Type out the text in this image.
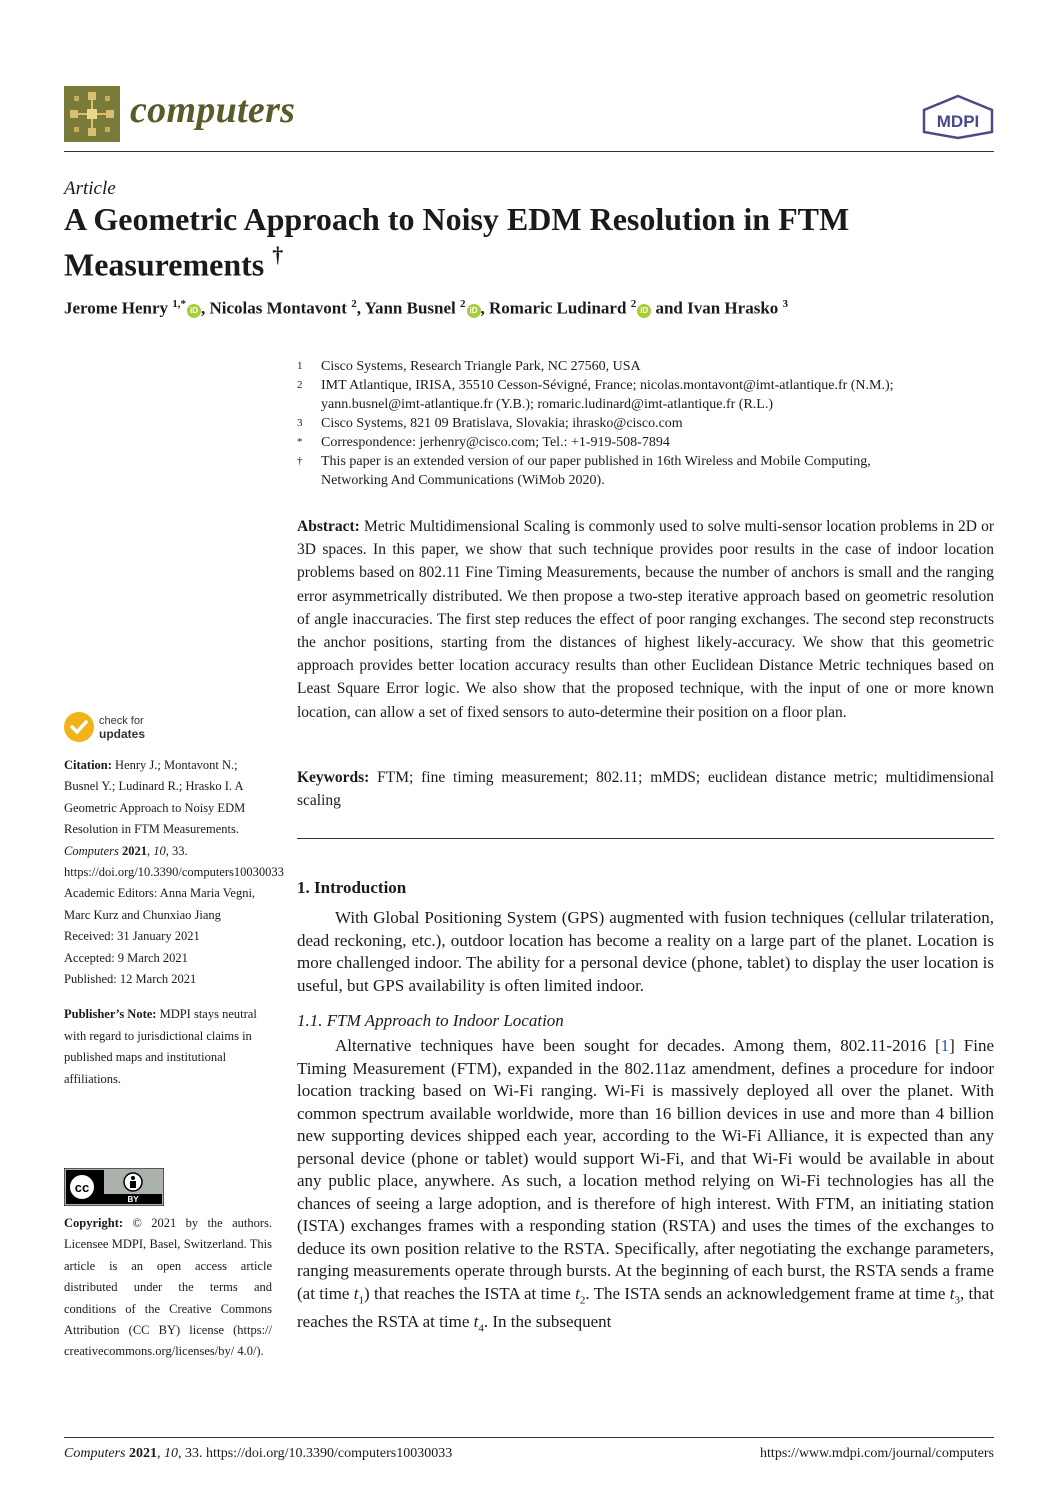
computers	MDPI
Article
A Geometric Approach to Noisy EDM Resolution in FTM Measurements †
Jerome Henry $^{1,*}$iD , Nicolas Montavont $^2$, Yann Busnel $^2$iD , Romaric Ludinard $^2$iD and Ivan Hrasko $^3$
1 Cisco Systems, Research Triangle Park, NC 27560, USA
2 IMT Atlantique, IRISA, 35510 Cesson-Sévigné, France; nicolas.montavont@imt-atlantique.fr (N.M.);
yann.busnel@imt-atlantique.fr (Y.B.); romaric.ludinard@imt-atlantique.fr (R.L.)
3 Cisco Systems, 821 09 Bratislava, Slovakia; ihrasko@cisco.com
* Correspondence: jerhenry@cisco.com; Tel.: +1-919-508-7894
† This paper is an extended version of our paper published in 16th Wireless and Mobile Computing,
Networking And Communications (WiMob 2020).
Abstract: Metric Multidimensional Scaling is commonly used to solve multi-sensor location problems in 2D or 3D spaces. In this paper, we show that such technique provides poor results in the case of indoor location problems based on 802.11 Fine Timing Measurements, because the number of anchors is small and the ranging error asymmetrically distributed. We then propose a two-step iterative approach based on geometric resolution of angle inaccuracies. The first step reduces the effect of poor ranging exchanges. The second step reconstructs the anchor positions, starting from the distances of highest likely-accuracy. We show that this geometric approach provides better location accuracy results than other Euclidean Distance Metric techniques based on Least Square Error logic. We also show that the proposed technique, with the input of one or more known location, can allow a set of fixed sensors to auto-determine their position on a floor plan.
Keywords: FTM; fine timing measurement; 802.11; mMDS; euclidean distance metric; multidimensional scaling
check for
updates

Citation: Henry J.; Montavont N.; Busnel Y.; Ludinard R.; Hrasko I. A Geometric Approach to Noisy EDM Resolution in FTM Measurements. Computers 2021, 10, 33. https://doi.org/10.3390/computers10030033

Academic Editors: Anna Maria Vegni, Marc Kurz and Chunxiao Jiang

Received: 31 January 2021

Accepted: 9 March 2021

Published: 12 March 2021

Publisher’s Note: MDPI stays neutral with regard to jurisdictional claims in published maps and institutional affiliations.

cc
BY
Copyright: © 2021 by the authors. Licensee MDPI, Basel, Switzerland. This article is an open access article distributed under the terms and conditions of the Creative Commons Attribution (CC BY) license (https:// creativecommons.org/licenses/by/ 4.0/).
1. Introduction

With Global Positioning System (GPS) augmented with fusion techniques (cellular trilateration, dead reckoning, etc.), outdoor location has become a reality on a large part of the planet. Location is more challenged indoor. The ability for a personal device (phone, tablet) to display the user location is useful, but GPS availability is often limited indoor.

1.1. FTM Approach to Indoor Location

Alternative techniques have been sought for decades. Among them, 802.11-2016 [1] Fine Timing Measurement (FTM), expanded in the 802.11az amendment, defines a procedure for indoor location tracking based on Wi-Fi ranging. Wi-Fi is massively deployed all over the planet. With common spectrum available worldwide, more than 16 billion devices in use and more than 4 billion new supporting devices shipped each year, according to the Wi-Fi Alliance, it is expected than any personal device (phone or tablet) would support Wi-Fi, and that Wi-Fi would be available in about any public place, anywhere. As such, a location method relying on Wi-Fi technologies has all the chances of seeing a large adoption, and is therefore of high interest. With FTM, an initiating station (ISTA) exchanges frames with a responding station (RSTA) and uses the times of the exchanges to deduce its own position relative to the RSTA. Specifically, after negotiating the exchange parameters, ranging measurements operate through bursts. At the beginning of each burst, the RSTA sends a frame (at time $t_1$) that reaches the ISTA at time $t_2$. The ISTA sends an acknowledgement frame at time $t_3$, that reaches the RSTA at time $t_4$. In the subsequent

Computers 2021, 10, 33. https://doi.org/10.3390/computers10030033	https://www.mdpi.com/journal/computers
